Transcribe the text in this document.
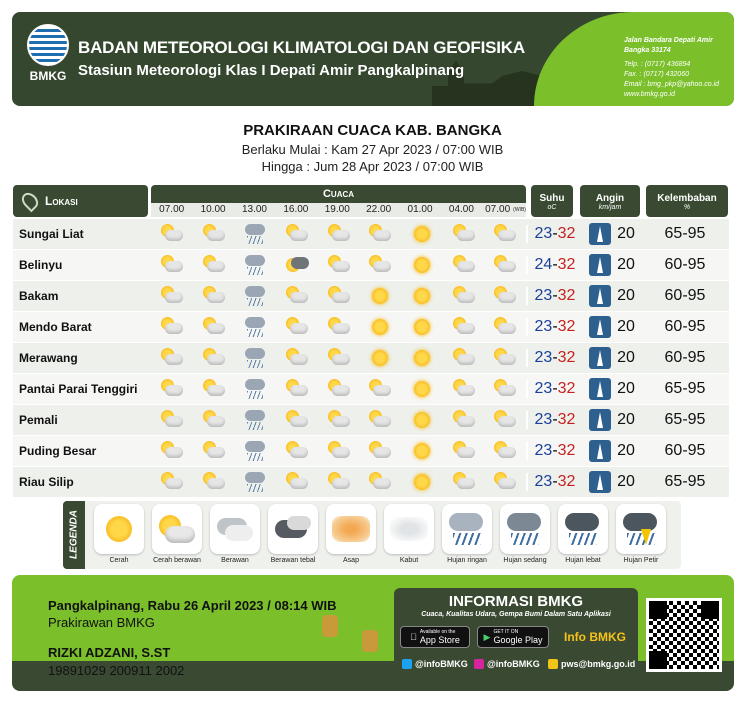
BMKG
BADAN METEOROLOGI KLIMATOLOGI DAN GEOFISIKA
Stasiun Meteorologi Klas I Depati Amir Pangkalpinang
Jalan Bandara Depati Amir
Bangka 33174
Telp. : (0717) 436894
Fax. : (0717) 432060
Email : bmg_pkp@yahoo.co.id
www.bmkg.go.id
PRAKIRAAN CUACA KAB. BANGKA
Berlaku Mulai : Kam 27 Apr 2023 / 07:00 WIB
Hingga : Jum 28 Apr 2023 / 07:00 WIB
Lokasi	Cuaca
07.00	10.00	13.00	16.00	19.00	22.00	01.00	04.00	07.00 (WIB)
Suhu
oC
Angin
km/jam
Kelembaban
%
Sungai Liat	23-32	20	65-95
Belinyu	24-32	20	60-95
Bakam	23-32	20	60-95
Mendo Barat	23-32	20	60-95
Merawang	23-32	20	60-95
Pantai Parai Tenggiri	23-32	20	65-95
Pemali	23-32	20	65-95
Puding Besar	23-32	20	60-95
Riau Silip	23-32	20	65-95
LEGENDA
Cerah	Cerah berawan	Berawan	Berawan tebal	Asap	Kabut	Hujan ringan	Hujan sedang	Hujan lebat	Hujan Petir
Pangkalpinang, Rabu 26 April 2023 / 08:14 WIB
Prakirawan BMKG
RIZKI ADZANI, S.ST
19891029 200911 2002
INFORMASI BMKG
Cuaca, Kualitas Udara, Gempa Bumi Dalam Satu Aplikasi
Available on the
App Store	▶ GET IT ON
Google Play	Info BMKG
@infoBMKG @infoBMKG pws@bmkg.go.id
